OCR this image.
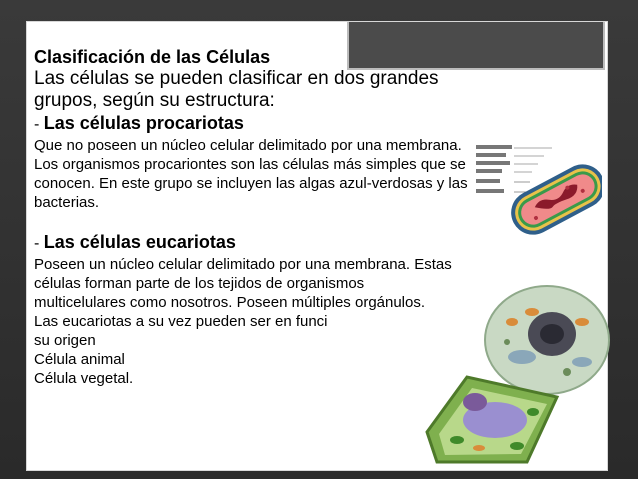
Clasificación de las Células

Las células se pueden clasificar en dos grandes grupos, según su estructura:

- Las células procariotas

Que no poseen un núcleo celular delimitado por una membrana. Los organismos procariontes son las células más simples que se conocen. En este grupo se incluyen las algas azul-verdosas y las bacterias.

- Las células eucariotas

Poseen un núcleo celular delimitado por una membrana. Estas células forman parte de los tejidos de organismos multicelulares como nosotros. Poseen múltiples orgánulos.

Las eucariotas a su vez pueden ser en funci

su origen

Célula animal

Célula vegetal.
